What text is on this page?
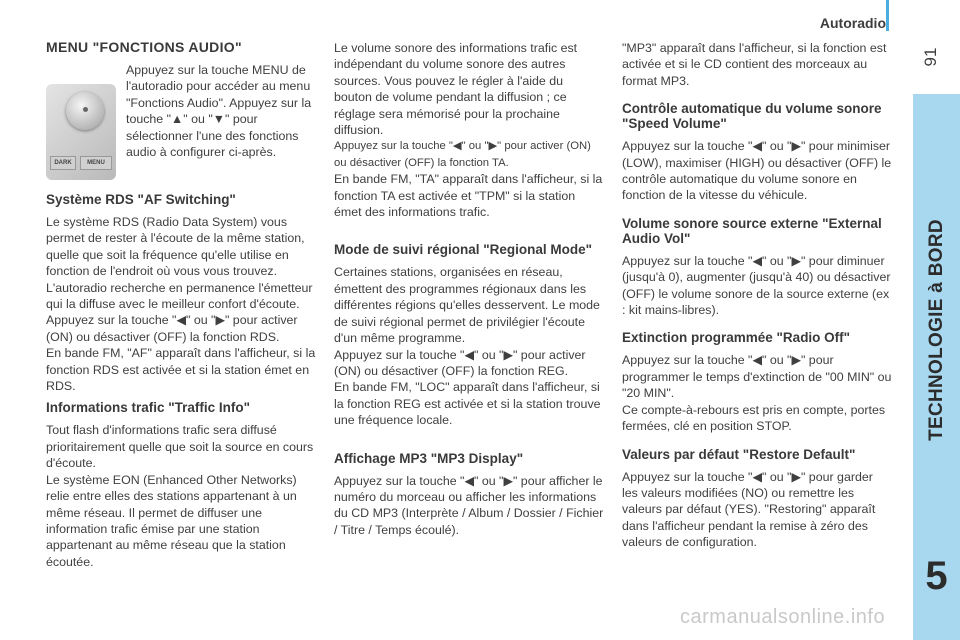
Autoradio
91
TECHNOLOGIE à BORD
5
MENU "FONCTIONS AUDIO"
DARK	MENU

Appuyez sur la touche MENU de l'autoradio pour accéder au menu "Fonctions Audio". Appuyez sur la touche "▲" ou "▼" pour sélectionner l'une des fonctions audio à configurer ci-après.

Système RDS "AF Switching"

Le système RDS (Radio Data System) vous permet de rester à l'écoute de la même station, quelle que soit la fréquence qu'elle utilise en fonction de l'endroit où vous vous trouvez. L'autoradio recherche en permanence l'émetteur qui la diffuse avec le meilleur confort d'écoute.

Appuyez sur la touche "◀" ou "▶" pour activer (ON) ou désactiver (OFF) la fonction RDS.

En bande FM, "AF" apparaît dans l'afficheur, si la fonction RDS est activée et si la station émet en RDS.

Informations trafic "Traffic Info"

Tout flash d'informations trafic sera diffusé prioritairement quelle que soit la source en cours d'écoute.

Le système EON (Enhanced Other Networks) relie entre elles des stations appartenant à un même réseau. Il permet de diffuser une information trafic émise par une station appartenant au même réseau que la station écoutée.

Le volume sonore des informations trafic est indépendant du volume sonore des autres sources. Vous pouvez le régler à l'aide du bouton de volume pendant la diffusion ; ce réglage sera mémorisé pour la prochaine diffusion.

Appuyez sur la touche "◀" ou "▶" pour activer (ON) ou désactiver (OFF) la fonction TA.

En bande FM, "TA" apparaît dans l'afficheur, si la fonction TA est activée et "TPM" si la station émet des informations trafic.

Mode de suivi régional "Regional Mode"

Certaines stations, organisées en réseau, émettent des programmes régionaux dans les différentes régions qu'elles desservent. Le mode de suivi régional permet de privilégier l'écoute d'un même programme.

Appuyez sur la touche "◀" ou "▶" pour activer (ON) ou désactiver (OFF) la fonction REG.

En bande FM, "LOC" apparaît dans l'afficheur, si la fonction REG est activée et si la station trouve une fréquence locale.

Affichage MP3 "MP3 Display"

Appuyez sur la touche "◀" ou "▶" pour afficher le numéro du morceau ou afficher les informations du CD MP3 (Interprète / Album / Dossier / Fichier / Titre / Temps écoulé).

"MP3" apparaît dans l'afficheur, si la fonction est activée et si le CD contient des morceaux au format MP3.

Contrôle automatique du volume sonore "Speed Volume"

Appuyez sur la touche "◀" ou "▶" pour minimiser (LOW), maximiser (HIGH) ou désactiver (OFF) le contrôle automatique du volume sonore en fonction de la vitesse du véhicule.

Volume sonore source externe "External Audio Vol"

Appuyez sur la touche "◀" ou "▶" pour diminuer (jusqu'à 0), augmenter (jusqu'à 40) ou désactiver (OFF) le volume sonore de la source externe (ex : kit mains-libres).

Extinction programmée "Radio Off"

Appuyez sur la touche "◀" ou "▶" pour programmer le temps d'extinction de "00 MIN" ou "20 MIN".

Ce compte-à-rebours est pris en compte, portes fermées, clé en position STOP.

Valeurs par défaut "Restore Default"

Appuyez sur la touche "◀" ou "▶" pour garder les valeurs modifiées (NO) ou remettre les valeurs par défaut (YES). "Restoring" apparaît dans l'afficheur pendant la remise à zéro des valeurs de configuration.

carmanualsonline.info
